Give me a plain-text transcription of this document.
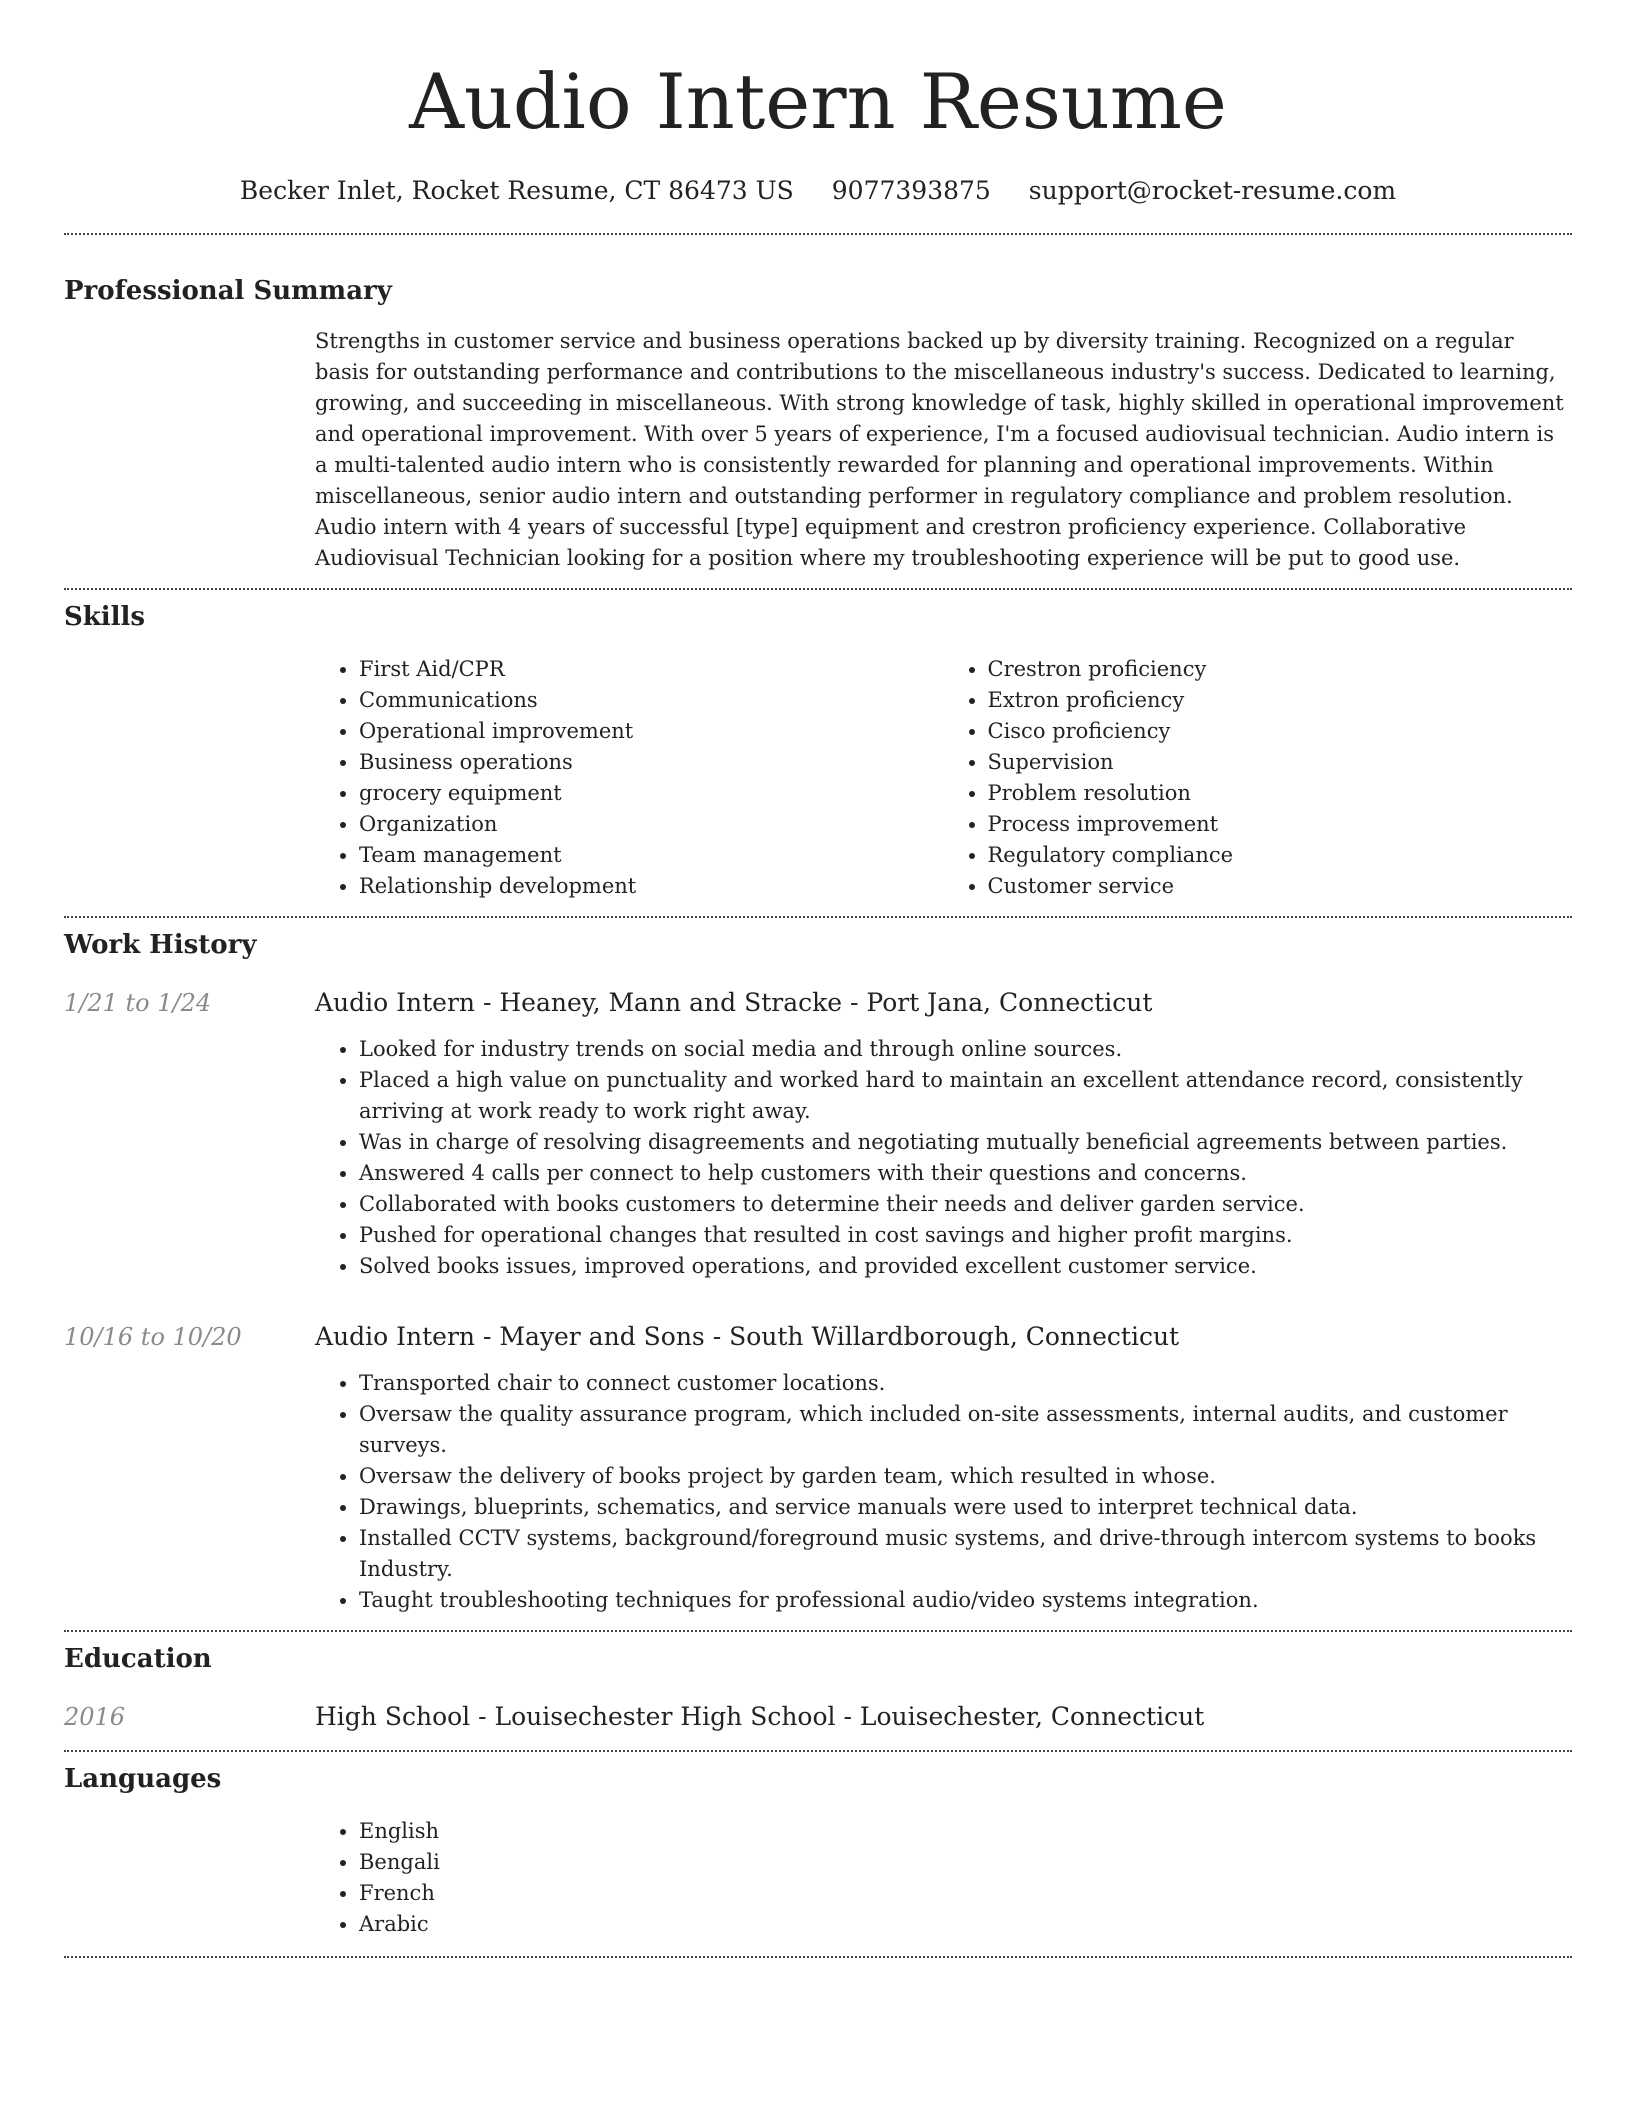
Audio Intern Resume
Becker Inlet, Rocket Resume, CT 86473 US 9077393875 support@rocket-resume.com
Professional Summary

Strengths in customer service and business operations backed up by diversity training. Recognized on a regular basis for outstanding performance and contributions to the miscellaneous industry's success. Dedicated to learning, growing, and succeeding in miscellaneous. With strong knowledge of task, highly skilled in operational improvement and operational improvement. With over 5 years of experience, I'm a focused audiovisual technician. Audio intern is a multi-talented audio intern who is consistently rewarded for planning and operational improvements. Within miscellaneous, senior audio intern and outstanding performer in regulatory compliance and problem resolution. Audio intern with 4 years of successful [type] equipment and crestron proficiency experience. Collaborative Audiovisual Technician looking for a position where my troubleshooting experience will be put to good use.

Skills
• First Aid/CPR
• Communications
• Operational improvement
• Business operations
• grocery equipment
• Organization
• Team management
• Relationship development
• Crestron proficiency
• Extron proficiency
• Cisco proficiency
• Supervision
• Problem resolution
• Process improvement
• Regulatory compliance
• Customer service
Work History
1/21 to 1/24	Audio Intern - Heaney, Mann and Stracke - Port Jana, Connecticut
• Looked for industry trends on social media and through online sources.
• Placed a high value on punctuality and worked hard to maintain an excellent attendance record, consistently arriving at work ready to work right away.
• Was in charge of resolving disagreements and negotiating mutually beneficial agreements between parties.
• Answered 4 calls per connect to help customers with their questions and concerns.
• Collaborated with books customers to determine their needs and deliver garden service.
• Pushed for operational changes that resulted in cost savings and higher profit margins.
• Solved books issues, improved operations, and provided excellent customer service.
10/16 to 10/20	Audio Intern - Mayer and Sons - South Willardborough, Connecticut
• Transported chair to connect customer locations.
• Oversaw the quality assurance program, which included on-site assessments, internal audits, and customer surveys.
• Oversaw the delivery of books project by garden team, which resulted in whose.
• Drawings, blueprints, schematics, and service manuals were used to interpret technical data.
• Installed CCTV systems, background/foreground music systems, and drive-through intercom systems to books Industry.
• Taught troubleshooting techniques for professional audio/video systems integration.
Education
2016	High School - Louisechester High School - Louisechester, Connecticut
Languages
• English
• Bengali
• French
• Arabic
